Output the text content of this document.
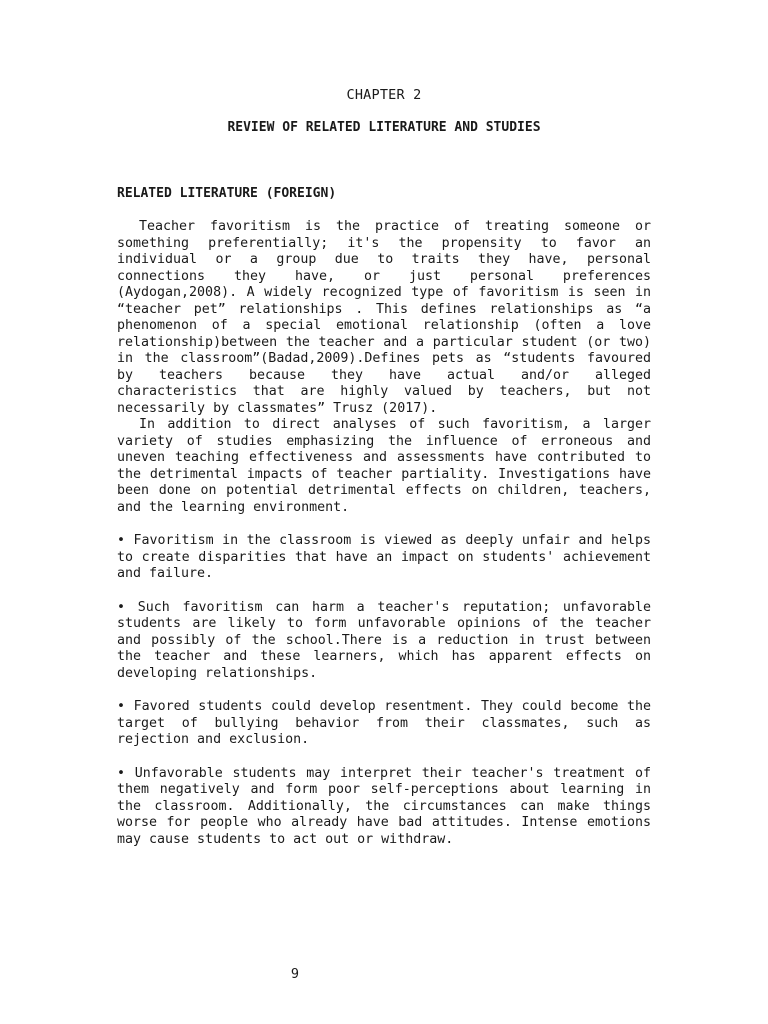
CHAPTER 2
REVIEW OF RELATED LITERATURE AND STUDIES
RELATED LITERATURE (FOREIGN)

Teacher favoritism is the practice of treating someone or something preferentially; it's the propensity to favor an individual or a group due to traits they have, personal connections they have, or just personal preferences (Aydogan,2008). A widely recognized type of favoritism is seen in “teacher pet” relationships . This defines relationships as “a phenomenon of a special emotional relationship (often a love relationship)between the teacher and a particular student (or two) in the classroom”(Badad,2009).Defines pets as “students favoured by teachers because they have actual and/or alleged characteristics that are highly valued by teachers, but not necessarily by classmates” Trusz (2017).

In addition to direct analyses of such favoritism, a larger variety of studies emphasizing the influence of erroneous and uneven teaching effectiveness and assessments have contributed to the detrimental impacts of teacher partiality. Investigations have been done on potential detrimental effects on children, teachers, and the learning environment.

• Favoritism in the classroom is viewed as deeply unfair and helps to create disparities that have an impact on students' achievement and failure.

• Such favoritism can harm a teacher's reputation; unfavorable students are likely to form unfavorable opinions of the teacher and possibly of the school.There is a reduction in trust between the teacher and these learners, which has apparent effects on developing relationships.

• Favored students could develop resentment. They could become the target of bullying behavior from their classmates, such as rejection and exclusion.

• Unfavorable students may interpret their teacher's treatment of them negatively and form poor self-perceptions about learning in the classroom. Additionally, the circumstances can make things worse for people who already have bad attitudes. Intense emotions may cause students to act out or withdraw.

9
